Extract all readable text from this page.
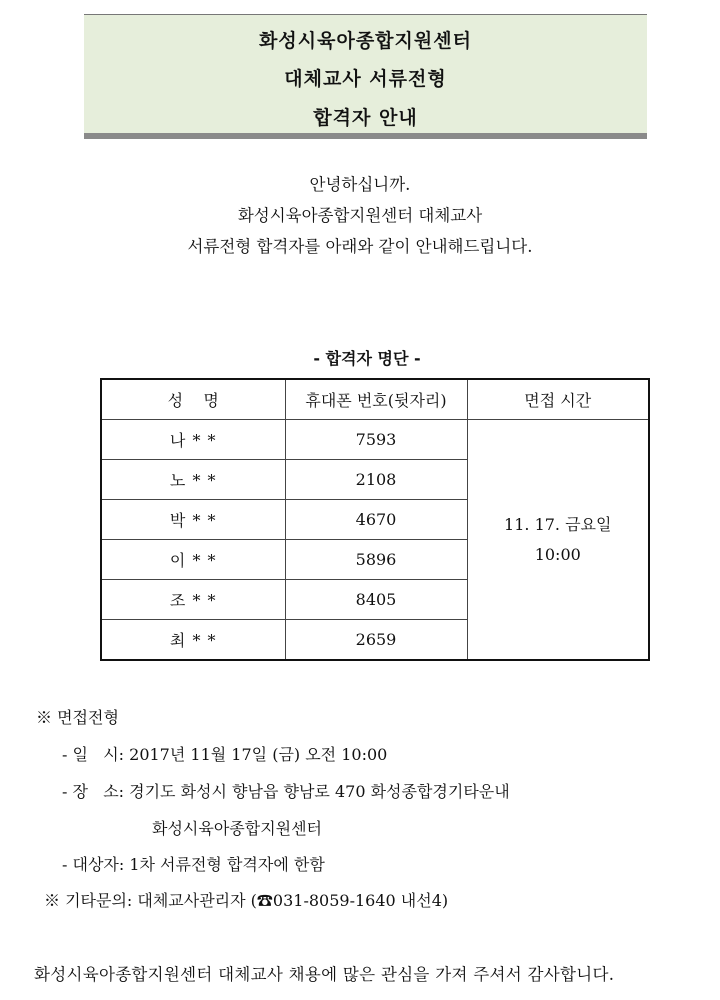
화성시육아종합지원센터
대체교사 서류전형
합격자 안내
안녕하십니까.
화성시육아종합지원센터 대체교사
서류전형 합격자를 아래와 같이 안내해드립니다.
- 합격자 명단 -
성    명	휴대폰 번호(뒷자리)	면접 시간
나 * *	7593	11. 17. 금요일
10:00

노 * *	2108	
박 * *	4670	
이 * *	5896	
조 * *	8405	
최 * *	2659	
※ 면접전형
- 일   시: 2017년 11월 17일 (금) 오전 10:00
- 장   소: 경기도 화성시 향남읍 향남로 470 화성종합경기타운내
화성시육아종합지원센터
- 대상자: 1차 서류전형 합격자에 한함
※ 기타문의: 대체교사관리자 (☎031-8059-1640 내선4)
화성시육아종합지원센터 대체교사 채용에 많은 관심을 가져 주셔서 감사합니다.
